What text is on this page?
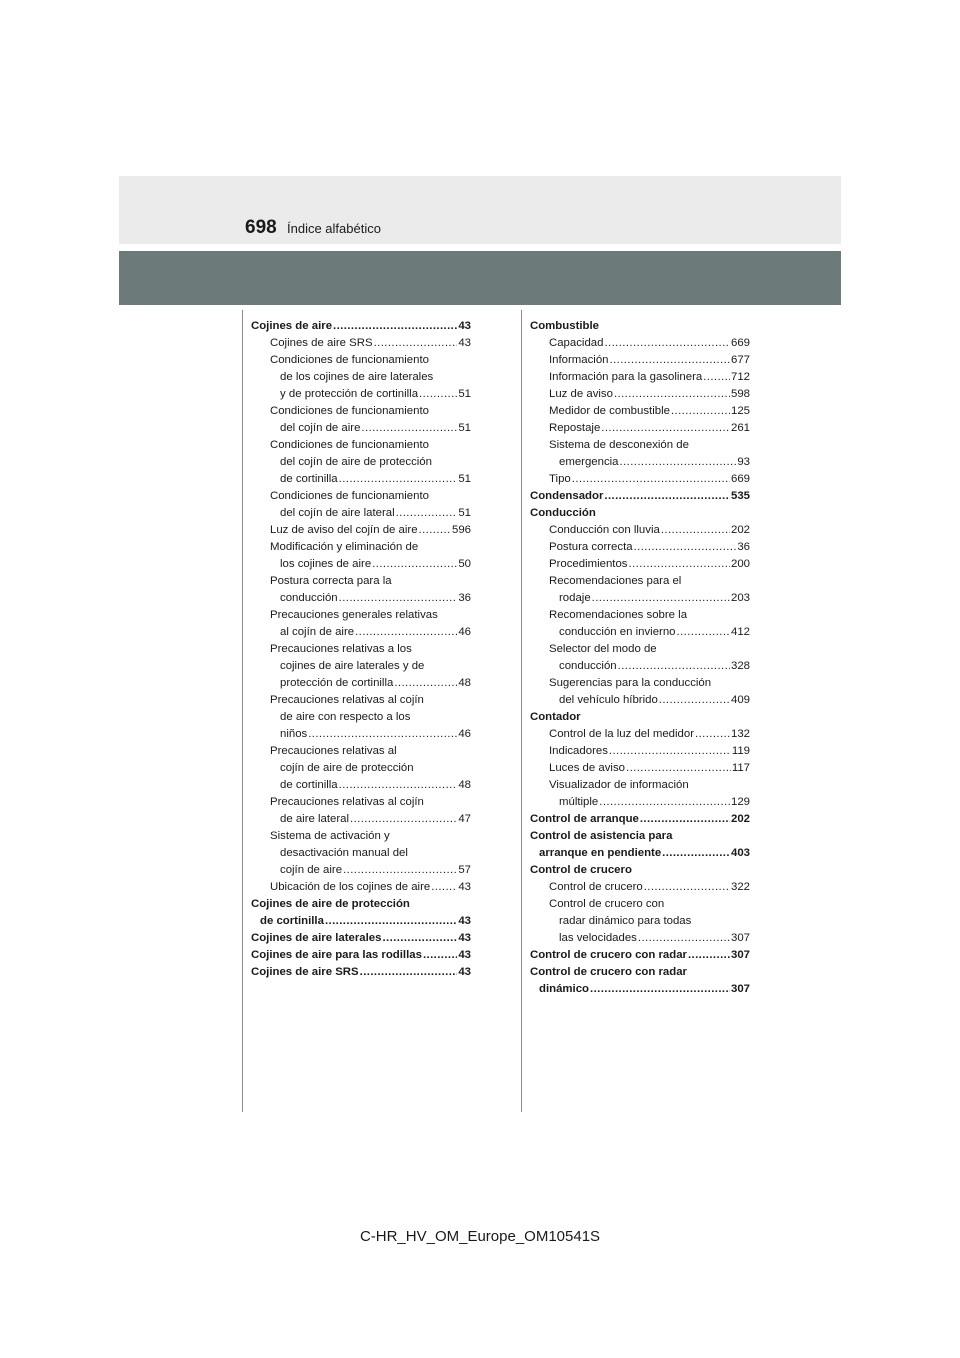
698 Índice alfabético
Cojines de aire .....	43
Cojines de aire SRS .....	43
Condiciones de funcionamiento
de los cojines de aire laterales
y de protección de cortinilla .....	51
Condiciones de funcionamiento
del cojín de aire .....	51
Condiciones de funcionamiento
del cojín de aire de protección
de cortinilla .....	51
Condiciones de funcionamiento
del cojín de aire lateral .....	51
Luz de aviso del cojín de aire .....	596
Modificación y eliminación de
los cojines de aire .....	50
Postura correcta para la
conducción .....	36
Precauciones generales relativas
al cojín de aire .....	46
Precauciones relativas a los
cojines de aire laterales y de
protección de cortinilla .....	48
Precauciones relativas al cojín
de aire con respecto a los
niños .....	46
Precauciones relativas al
cojín de aire de protección
de cortinilla .....	48
Precauciones relativas al cojín
de aire lateral .....	47
Sistema de activación y
desactivación manual del
cojín de aire .....	57
Ubicación de los cojines de aire ..... 43
Cojines de aire de protección
de cortinilla .....	43
Cojines de aire laterales .....	43
Cojines de aire para las rodillas .....	43
Cojines de aire SRS .....	43
Combustible
Capacidad .....	669
Información .....	677
Información para la gasolinera .....	712
Luz de aviso .....	598
Medidor de combustible .....	125
Repostaje .....	261
Sistema de desconexión de
emergencia .....	93
Tipo .....	669
Condensador .....	535
Conducción
Conducción con lluvia .....	202
Postura correcta .....	36
Procedimientos .....	200
Recomendaciones para el
rodaje .....	203
Recomendaciones sobre la
conducción en invierno .....	412
Selector del modo de
conducción .....	328
Sugerencias para la conducción
del vehículo híbrido .....	409
Contador
Control de la luz del medidor .....	132
Indicadores .....	119
Luces de aviso .....	117
Visualizador de información
múltiple .....	129
Control de arranque .....	202
Control de asistencia para
arranque en pendiente .....	403
Control de crucero
Control de crucero .....	322
Control de crucero con
radar dinámico para todas
las velocidades .....	307
Control de crucero con radar .....	307
Control de crucero con radar
dinámico .....	307
C-HR_HV_OM_Europe_OM10541S
